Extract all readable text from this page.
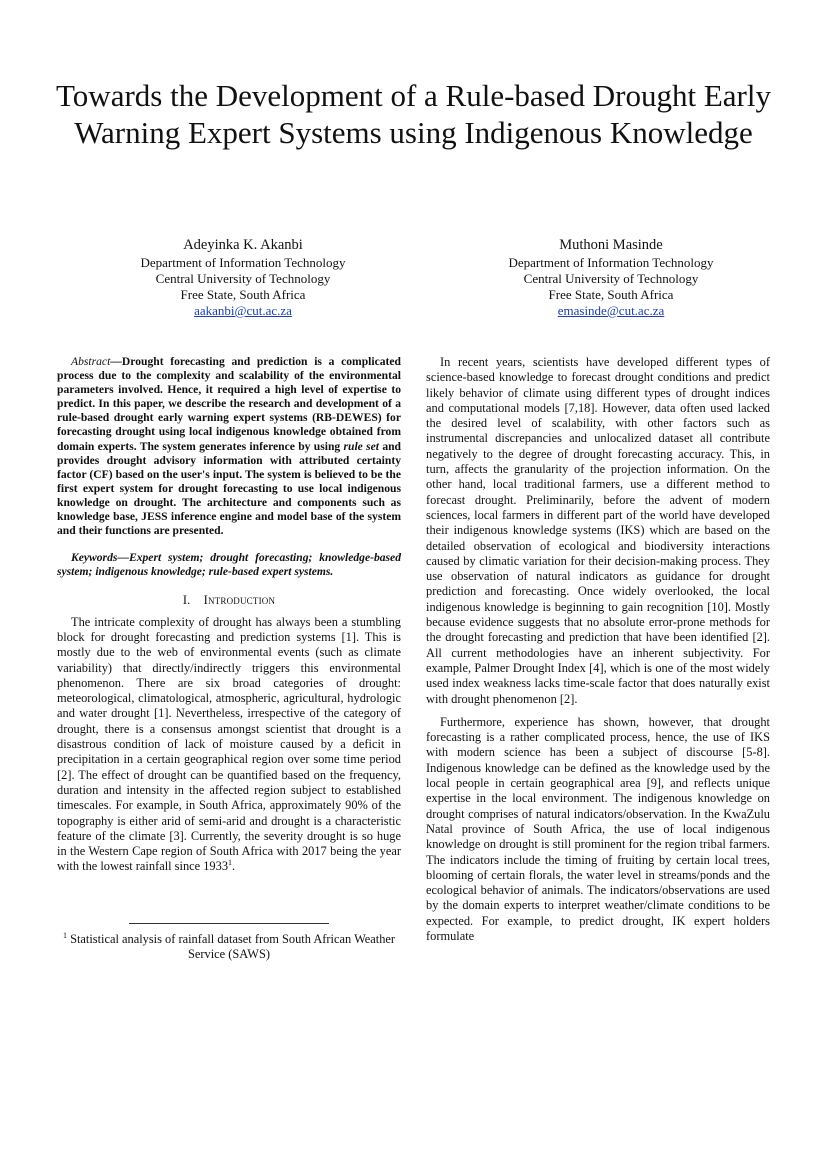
Towards the Development of a Rule-based Drought Early Warning Expert Systems using Indigenous Knowledge
Adeyinka K. Akanbi
Department of Information Technology
Central University of Technology
Free State, South Africa
aakanbi@cut.ac.za
Muthoni Masinde
Department of Information Technology
Central University of Technology
Free State, South Africa
emasinde@cut.ac.za
Abstract—Drought forecasting and prediction is a complicated process due to the complexity and scalability of the environmental parameters involved. Hence, it required a high level of expertise to predict. In this paper, we describe the research and development of a rule-based drought early warning expert systems (RB-DEWES) for forecasting drought using local indigenous knowledge obtained from domain experts. The system generates inference by using rule set and provides drought advisory information with attributed certainty factor (CF) based on the user's input. The system is believed to be the first expert system for drought forecasting to use local indigenous knowledge on drought. The architecture and components such as knowledge base, JESS inference engine and model base of the system and their functions are presented.
Keywords—Expert system; drought forecasting; knowledge-based system; indigenous knowledge; rule-based expert systems.
I. Introduction

The intricate complexity of drought has always been a stumbling block for drought forecasting and prediction systems [1]. This is mostly due to the web of environmental events (such as climate variability) that directly/indirectly triggers this environmental phenomenon. There are six broad categories of drought: meteorological, climatological, atmospheric, agricultural, hydrologic and water drought [1]. Nevertheless, irrespective of the category of drought, there is a consensus amongst scientist that drought is a disastrous condition of lack of moisture caused by a deficit in precipitation in a certain geographical region over some time period [2]. The effect of drought can be quantified based on the frequency, duration and intensity in the affected region subject to established timescales. For example, in South Africa, approximately 90% of the topography is either arid of semi-arid and drought is a characteristic feature of the climate [3]. Currently, the severity drought is so huge in the Western Cape region of South Africa with 2017 being the year with the lowest rainfall since 1933$^1$.

$^1$ Statistical analysis of rainfall dataset from South African Weather Service (SAWS)

In recent years, scientists have developed different types of science-based knowledge to forecast drought conditions and predict likely behavior of climate using different types of drought indices and computational models [7,18]. However, data often used lacked the desired level of scalability, with other factors such as instrumental discrepancies and unlocalized dataset all contribute negatively to the degree of drought forecasting accuracy. This, in turn, affects the granularity of the projection information. On the other hand, local traditional farmers, use a different method to forecast drought. Preliminarily, before the advent of modern sciences, local farmers in different part of the world have developed their indigenous knowledge systems (IKS) which are based on the detailed observation of ecological and biodiversity interactions caused by climatic variation for their decision-making process. They use observation of natural indicators as guidance for drought prediction and forecasting. Once widely overlooked, the local indigenous knowledge is beginning to gain recognition [10]. Mostly because evidence suggests that no absolute error-prone methods for the drought forecasting and prediction that have been identified [2]. All current methodologies have an inherent subjectivity. For example, Palmer Drought Index [4], which is one of the most widely used index weakness lacks time-scale factor that does naturally exist with drought phenomenon [2].

Furthermore, experience has shown, however, that drought forecasting is a rather complicated process, hence, the use of IKS with modern science has been a subject of discourse [5-8]. Indigenous knowledge can be defined as the knowledge used by the local people in certain geographical area [9], and reflects unique expertise in the local environment. The indigenous knowledge on drought comprises of natural indicators/observation. In the KwaZulu Natal province of South Africa, the use of local indigenous knowledge on drought is still prominent for the region tribal farmers. The indicators include the timing of fruiting by certain local trees, blooming of certain florals, the water level in streams/ponds and the ecological behavior of animals. The indicators/observations are used by the domain experts to interpret weather/climate conditions to be expected. For example, to predict drought, IK expert holders formulate
